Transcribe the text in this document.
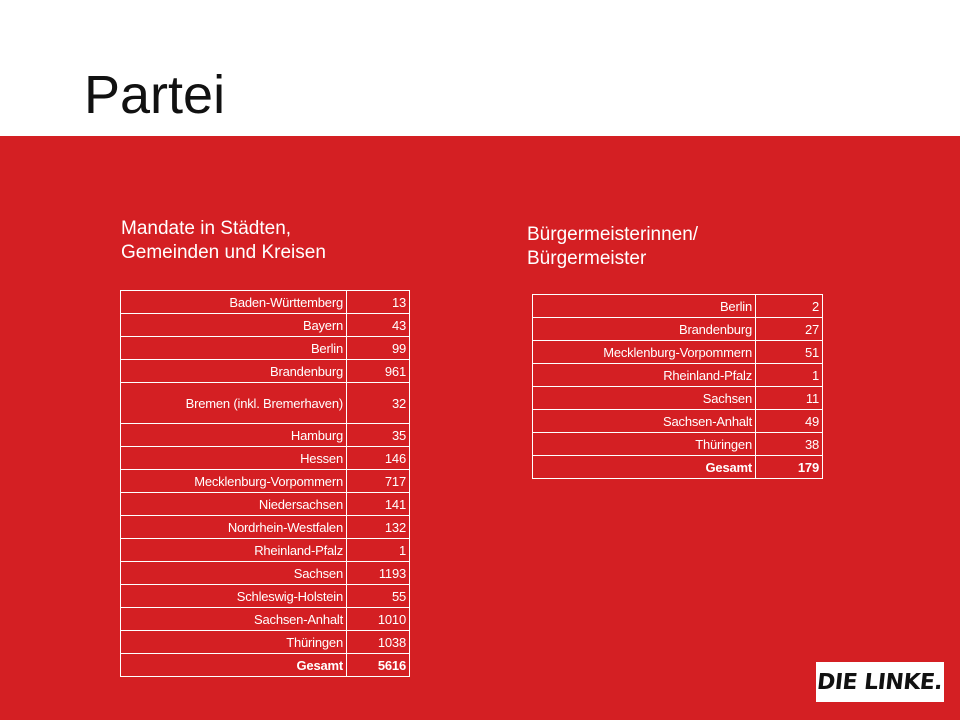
Partei
Mandate in Städten,
Gemeinden und Kreisen
Bürgermeisterinnen/
Bürgermeister
Baden-Württemberg	13
Bayern	43
Berlin	99
Brandenburg	961
Bremen (inkl. Bremerhaven)	32
Hamburg	35
Hessen	146
Mecklenburg-Vorpommern	717
Niedersachsen	141
Nordrhein-Westfalen	132
Rheinland-Pfalz	1
Sachsen	1193
Schleswig-Holstein	55
Sachsen-Anhalt	1010
Thüringen	1038
Gesamt	5616
Berlin	2
Brandenburg	27
Mecklenburg-Vorpommern	51
Rheinland-Pfalz	1
Sachsen	11
Sachsen-Anhalt	49
Thüringen	38
Gesamt	179
DIE LINKE.
